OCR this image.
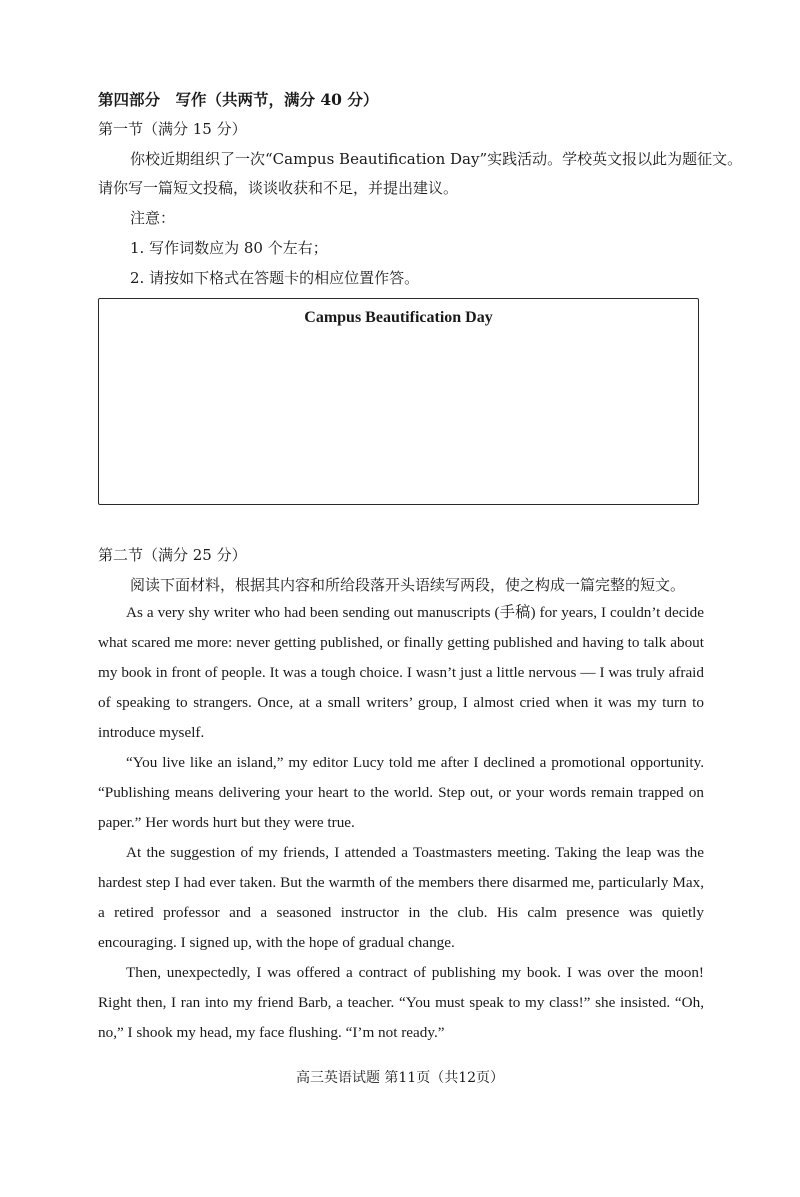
第四部分　写作（共两节，满分 40 分）
第一节（满分 15 分）
你校近期组织了一次“Campus Beautification Day”实践活动。学校英文报以此为题征文。
请你写一篇短文投稿，谈谈收获和不足，并提出建议。
注意：
1. 写作词数应为 80 个左右；
2. 请按如下格式在答题卡的相应位置作答。
Campus Beautification Day
第二节（满分 25 分）
阅读下面材料，根据其内容和所给段落开头语续写两段，使之构成一篇完整的短文。

As a very shy writer who had been sending out manuscripts (手稿) for years, I couldn’t decide what scared me more: never getting published, or finally getting published and having to talk about my book in front of people. It was a tough choice. I wasn’t just a little nervous — I was truly afraid of speaking to strangers. Once, at a small writers’ group, I almost cried when it was my turn to introduce myself.

“You live like an island,” my editor Lucy told me after I declined a promotional opportunity. “Publishing means delivering your heart to the world. Step out, or your words remain trapped on paper.” Her words hurt but they were true.

At the suggestion of my friends, I attended a Toastmasters meeting. Taking the leap was the hardest step I had ever taken. But the warmth of the members there disarmed me, particularly Max, a retired professor and a seasoned instructor in the club. His calm presence was quietly encouraging. I signed up, with the hope of gradual change.

Then, unexpectedly, I was offered a contract of publishing my book. I was over the moon! Right then, I ran into my friend Barb, a teacher. “You must speak to my class!” she insisted. “Oh, no,” I shook my head, my face flushing. “I’m not ready.”

高三英语试题 第11页（共12页）
